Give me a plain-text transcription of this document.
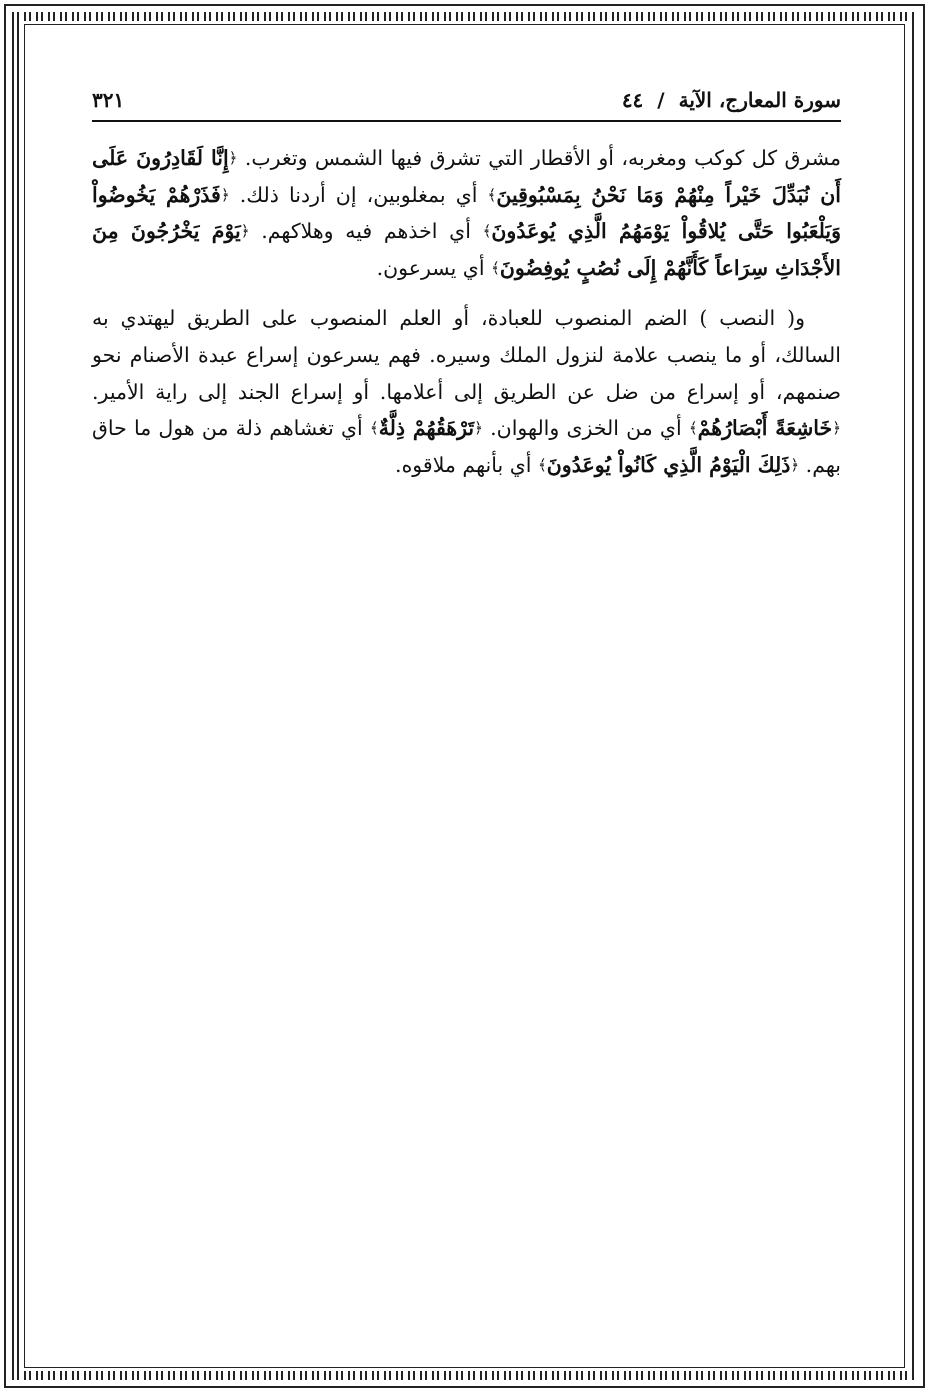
سورة المعارج، الآية
/
٤٤
٣٢١

مشرق كل كوكب ومغربه، أو الأقطار التي تشرق فيها الشمس وتغرب. ﴿إِنَّا لَقَادِرُونَ عَلَى أَن نُبَدِّلَ خَيْراً مِنْهُمْ وَمَا نَحْنُ بِمَسْبُوقِينَ﴾ أي بمغلوبين، إن أردنا ذلك. ﴿فَذَرْهُمْ يَخُوضُواْ وَيَلْعَبُوا حَتَّى يُلاقُواْ يَوْمَهُمُ الَّذِي يُوعَدُونَ﴾ أي اخذهم فيه وهلاكهم. ﴿يَوْمَ يَخْرُجُونَ مِنَ الأَجْدَاثِ سِرَاعاً كَأَنَّهُمْ إِلَى نُصُبٍ يُوفِضُونَ﴾ أي يسرعون.

و( النصب ) الضم المنصوب للعبادة، أو العلم المنصوب على الطريق ليهتدي به السالك، أو ما ينصب علامة لنزول الملك وسيره. فهم يسرعون إسراع عبدة الأصنام نحو صنمهم، أو إسراع من ضل عن الطريق إلى أعلامها. أو إسراع الجند إلى راية الأمير. ﴿خَاشِعَةً أَبْصَارُهُمْ﴾ أي من الخزى والهوان. ﴿تَرْهَقُهُمْ ذِلَّةٌ﴾ أي تغشاهم ذلة من هول ما حاق بهم. ﴿ذَلِكَ الْيَوْمُ الَّذِي كَانُواْ يُوعَدُونَ﴾ أي بأنهم ملاقوه.
